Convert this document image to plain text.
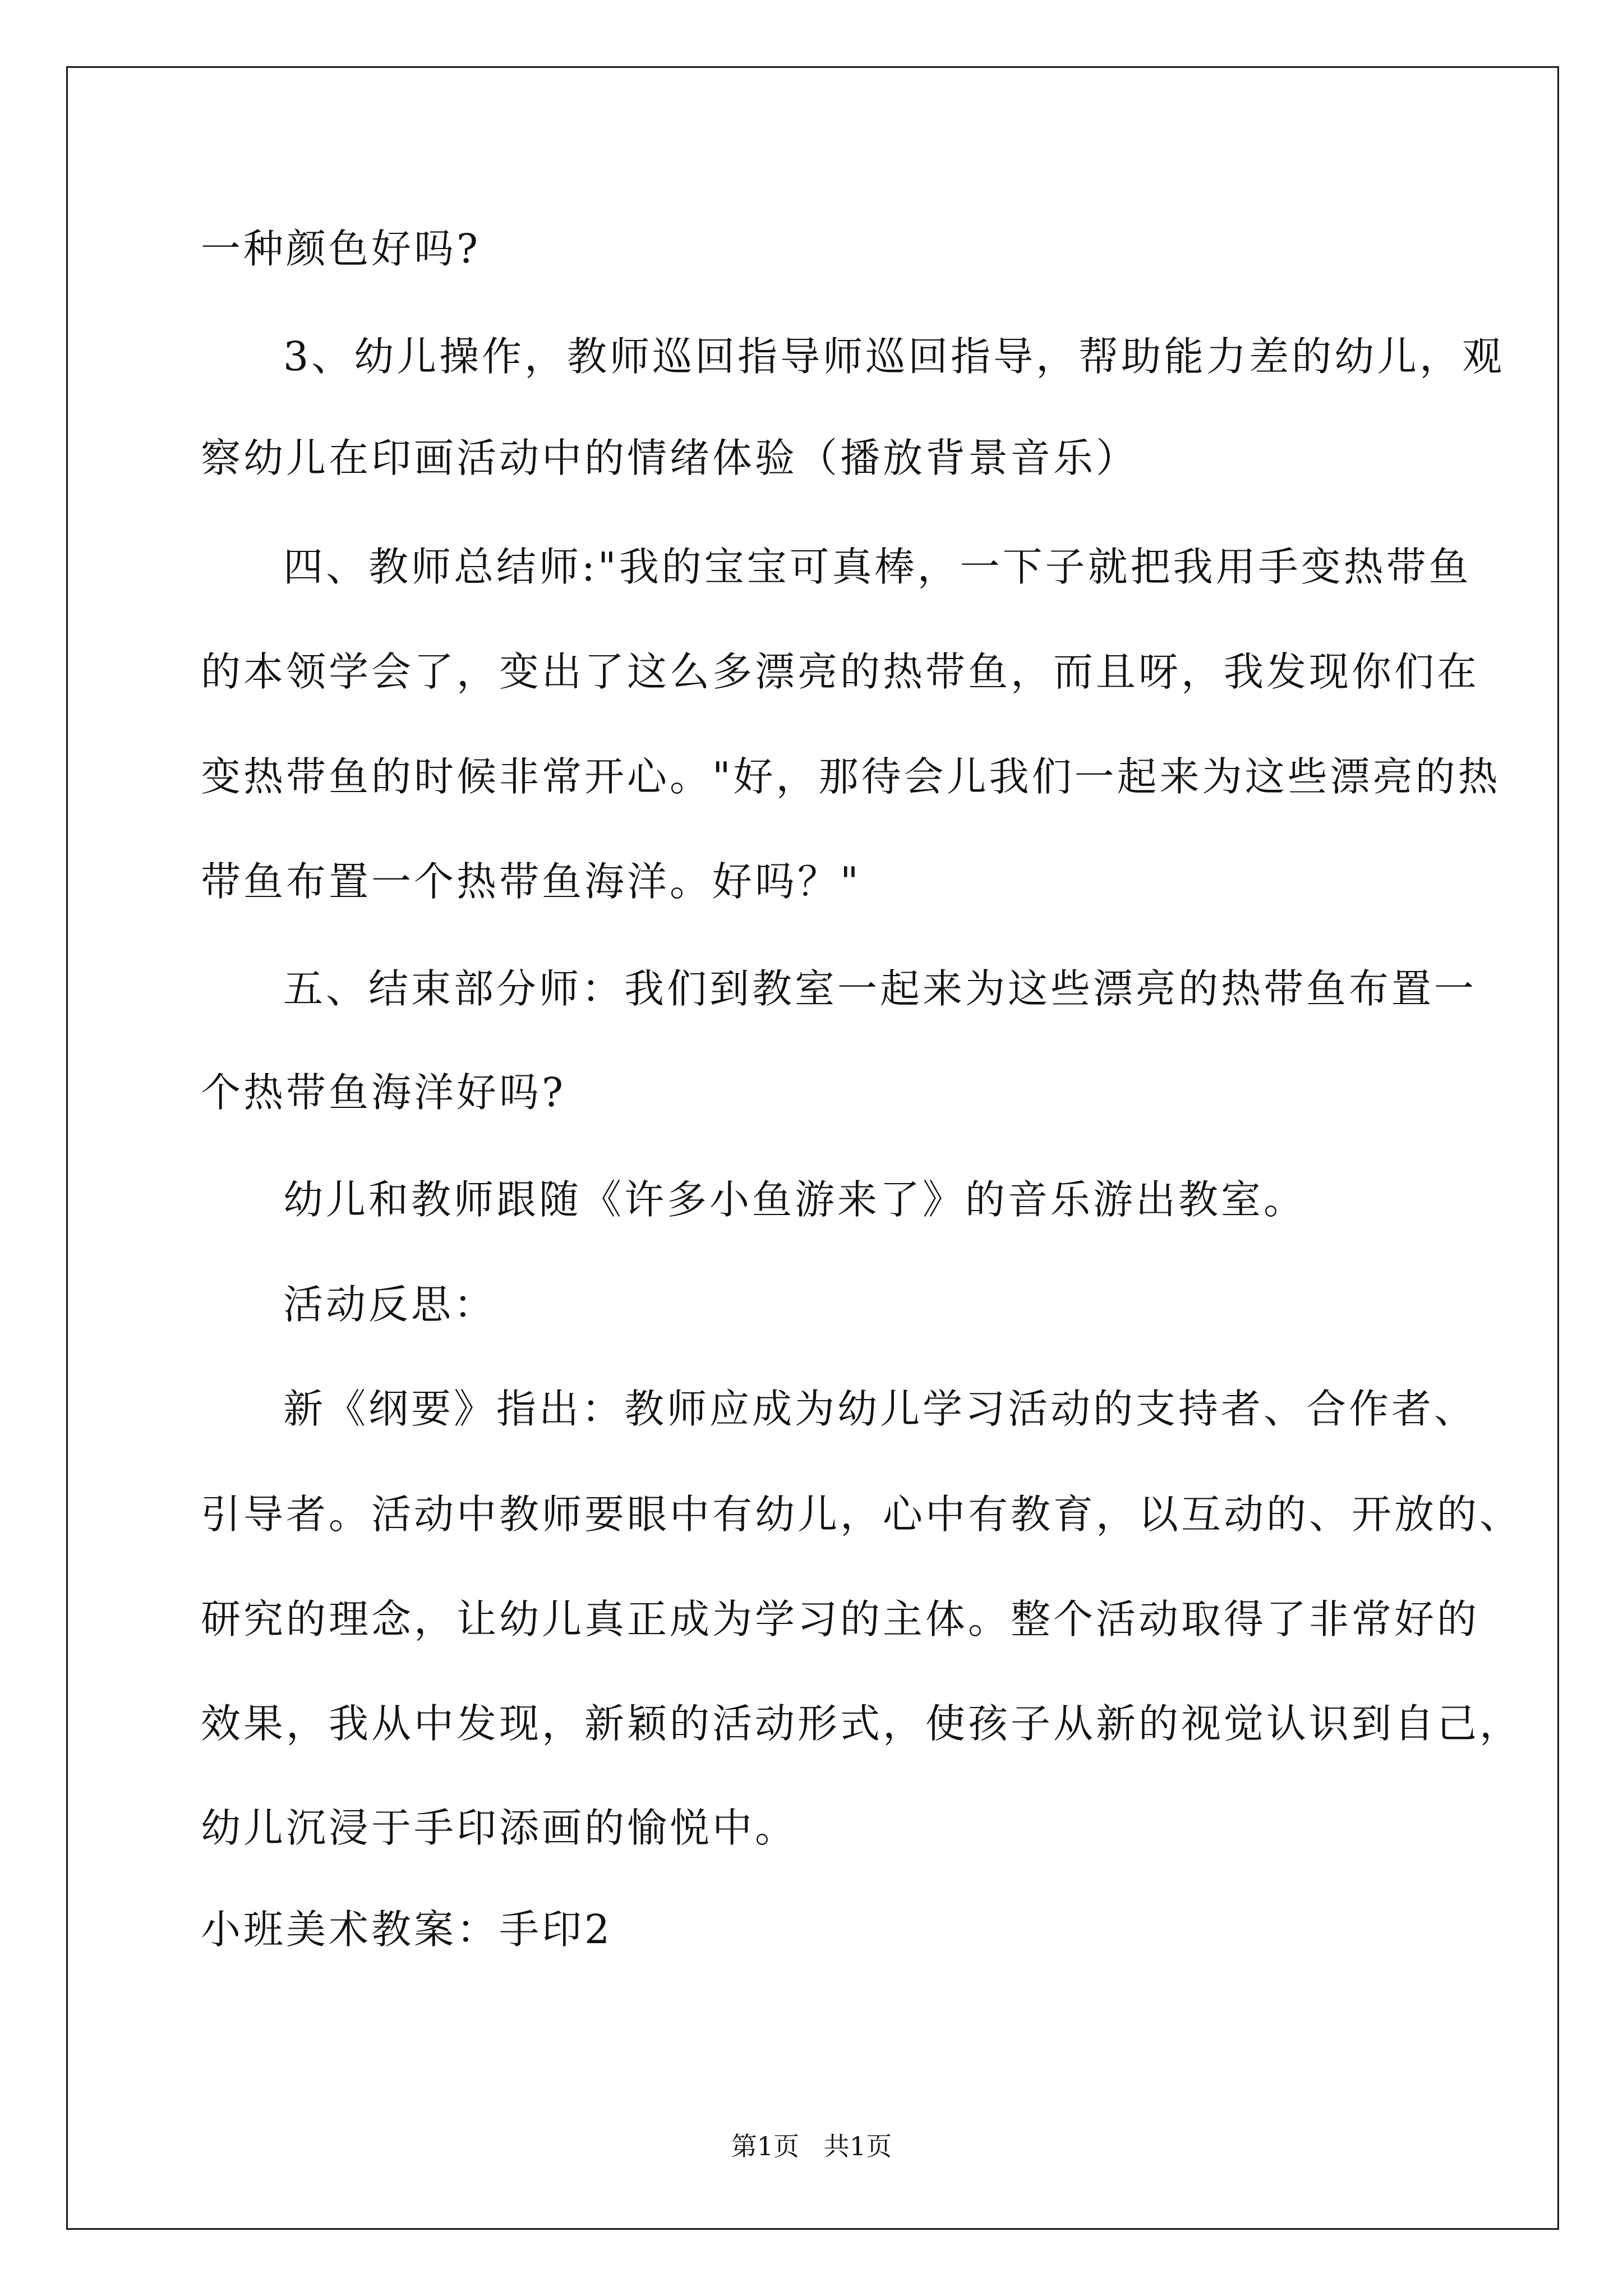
一种颜色好吗?

3、幼儿操作，教师巡回指导师巡回指导，帮助能力差的幼儿，观

察幼儿在印画活动中的情绪体验（播放背景音乐）

四、教师总结师:"我的宝宝可真棒，一下子就把我用手变热带鱼

的本领学会了，变出了这么多漂亮的热带鱼，而且呀，我发现你们在

变热带鱼的时候非常开心。"好，那待会儿我们一起来为这些漂亮的热

带鱼布置一个热带鱼海洋。好吗？"

五、结束部分师：我们到教室一起来为这些漂亮的热带鱼布置一

个热带鱼海洋好吗?

幼儿和教师跟随《许多小鱼游来了》的音乐游出教室。

活动反思：

新《纲要》指出：教师应成为幼儿学习活动的支持者、合作者、

引导者。活动中教师要眼中有幼儿，心中有教育，以互动的、开放的、

研究的理念，让幼儿真正成为学习的主体。整个活动取得了非常好的

效果，我从中发现，新颖的活动形式，使孩子从新的视觉认识到自己，

幼儿沉浸于手印添画的愉悦中。

小班美术教案：手印2

第1页   共1页
